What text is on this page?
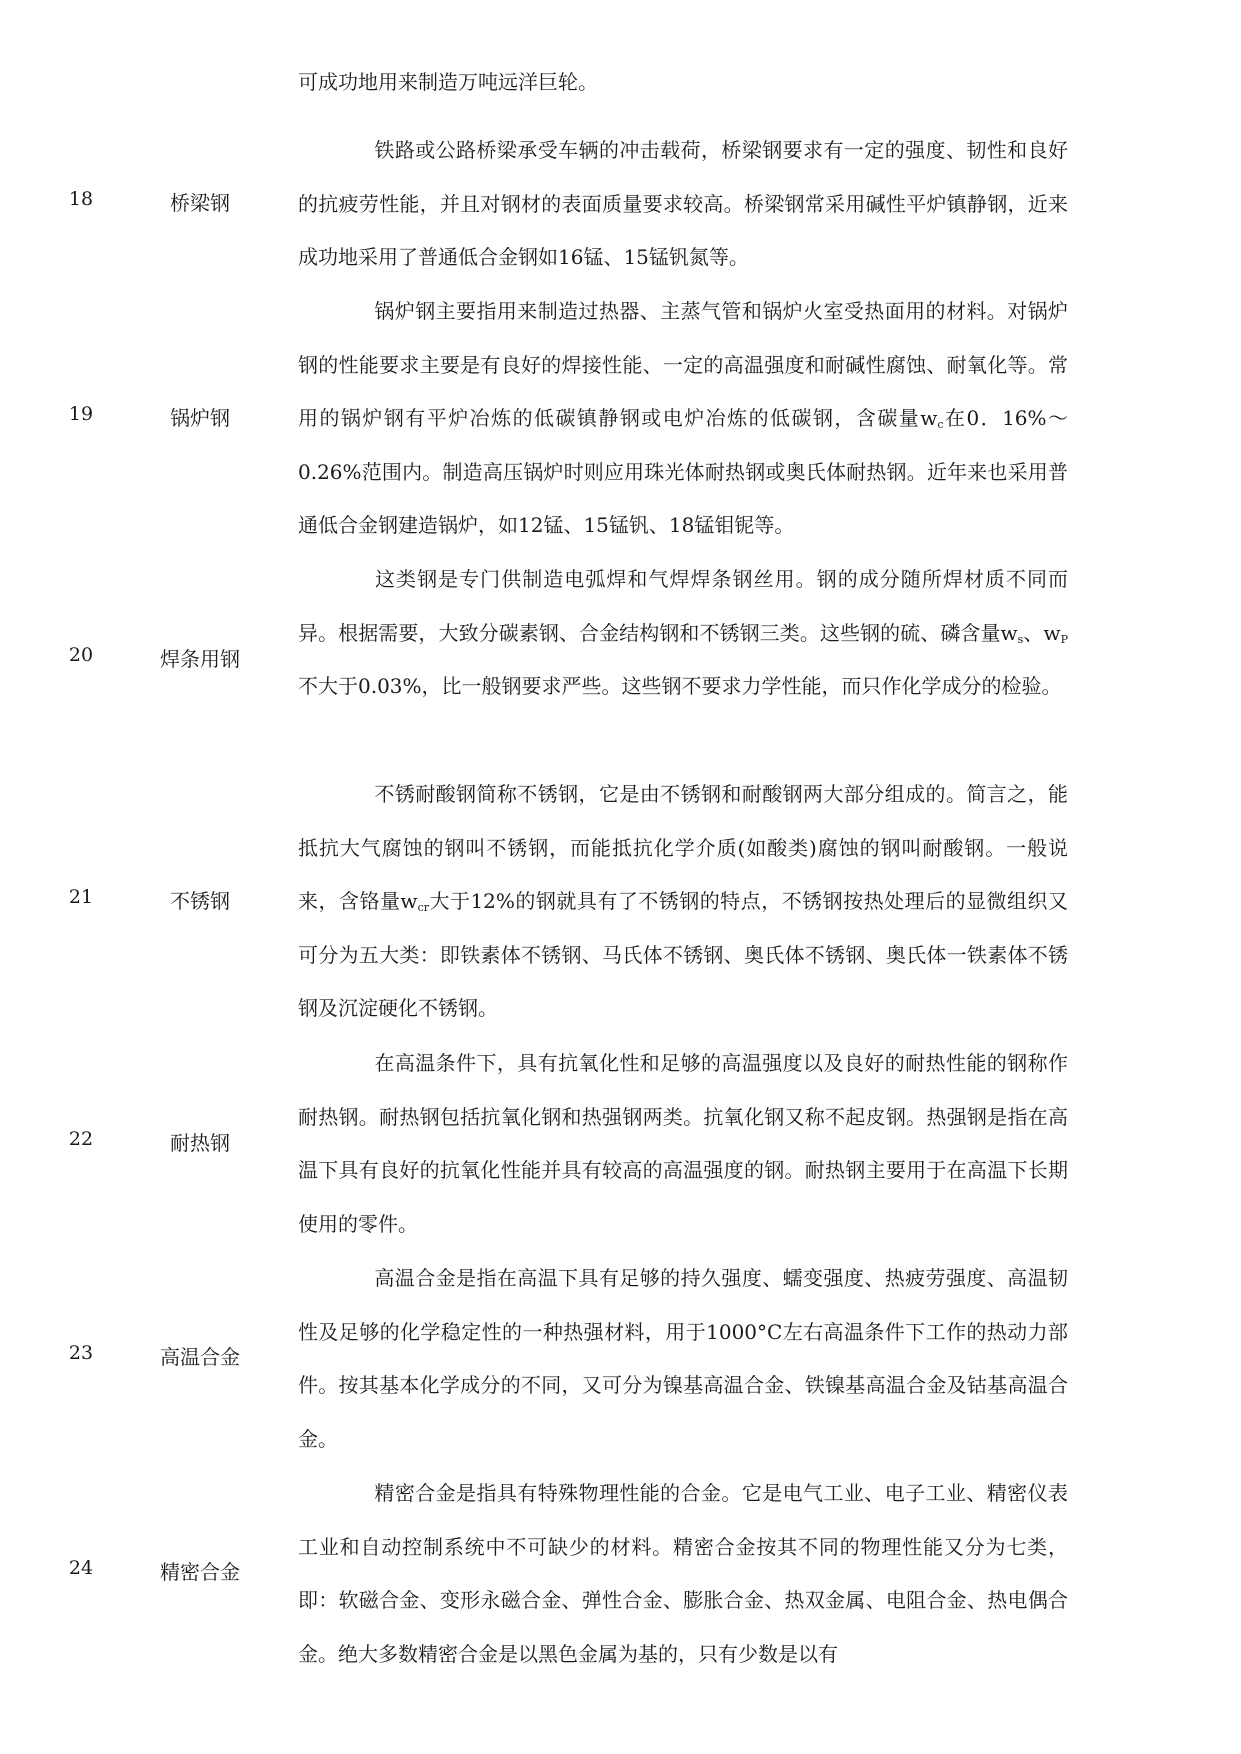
可成功地用来制造万吨远洋巨轮。

18	桥梁钢

铁路或公路桥梁承受车辆的冲击载荷，桥梁钢要求有一定的强度、韧性和良好的抗疲劳性能，并且对钢材的表面质量要求较高。桥梁钢常采用碱性平炉镇静钢，近来成功地采用了普通低合金钢如16锰、15锰钒氮等。

19	锅炉钢

锅炉钢主要指用来制造过热器、主蒸气管和锅炉火室受热面用的材料。对锅炉钢的性能要求主要是有良好的焊接性能、一定的高温强度和耐碱性腐蚀、耐氧化等。常用的锅炉钢有平炉冶炼的低碳镇静钢或电炉冶炼的低碳钢，含碳量$w_c$在0．16%～0.26%范围内。制造高压锅炉时则应用珠光体耐热钢或奥氏体耐热钢。近年来也采用普通低合金钢建造锅炉，如12锰、15锰钒、18锰钼铌等。

20	焊条用钢

这类钢是专门供制造电弧焊和气焊焊条钢丝用。钢的成分随所焊材质不同而异。根据需要，大致分碳素钢、合金结构钢和不锈钢三类。这些钢的硫、磷含量$w_s$、$w_P$不大于0.03%，比一般钢要求严些。这些钢不要求力学性能，而只作化学成分的检验。

21	不锈钢

不锈耐酸钢简称不锈钢，它是由不锈钢和耐酸钢两大部分组成的。简言之，能抵抗大气腐蚀的钢叫不锈钢，而能抵抗化学介质(如酸类)腐蚀的钢叫耐酸钢。一般说来，含铬量$w_{cr}$大于12%的钢就具有了不锈钢的特点，不锈钢按热处理后的显微组织又可分为五大类：即铁素体不锈钢、马氏体不锈钢、奥氏体不锈钢、奥氏体一铁素体不锈钢及沉淀硬化不锈钢。

22	耐热钢

在高温条件下，具有抗氧化性和足够的高温强度以及良好的耐热性能的钢称作耐热钢。耐热钢包括抗氧化钢和热强钢两类。抗氧化钢又称不起皮钢。热强钢是指在高温下具有良好的抗氧化性能并具有较高的高温强度的钢。耐热钢主要用于在高温下长期使用的零件。

23	高温合金

高温合金是指在高温下具有足够的持久强度、蠕变强度、热疲劳强度、高温韧性及足够的化学稳定性的一种热强材料，用于1000°C左右高温条件下工作的热动力部件。按其基本化学成分的不同，又可分为镍基高温合金、铁镍基高温合金及钴基高温合金。

24	精密合金

精密合金是指具有特殊物理性能的合金。它是电气工业、电子工业、精密仪表工业和自动控制系统中不可缺少的材料。精密合金按其不同的物理性能又分为七类，即：软磁合金、变形永磁合金、弹性合金、膨胀合金、热双金属、电阻合金、热电偶合金。绝大多数精密合金是以黑色金属为基的，只有少数是以有
